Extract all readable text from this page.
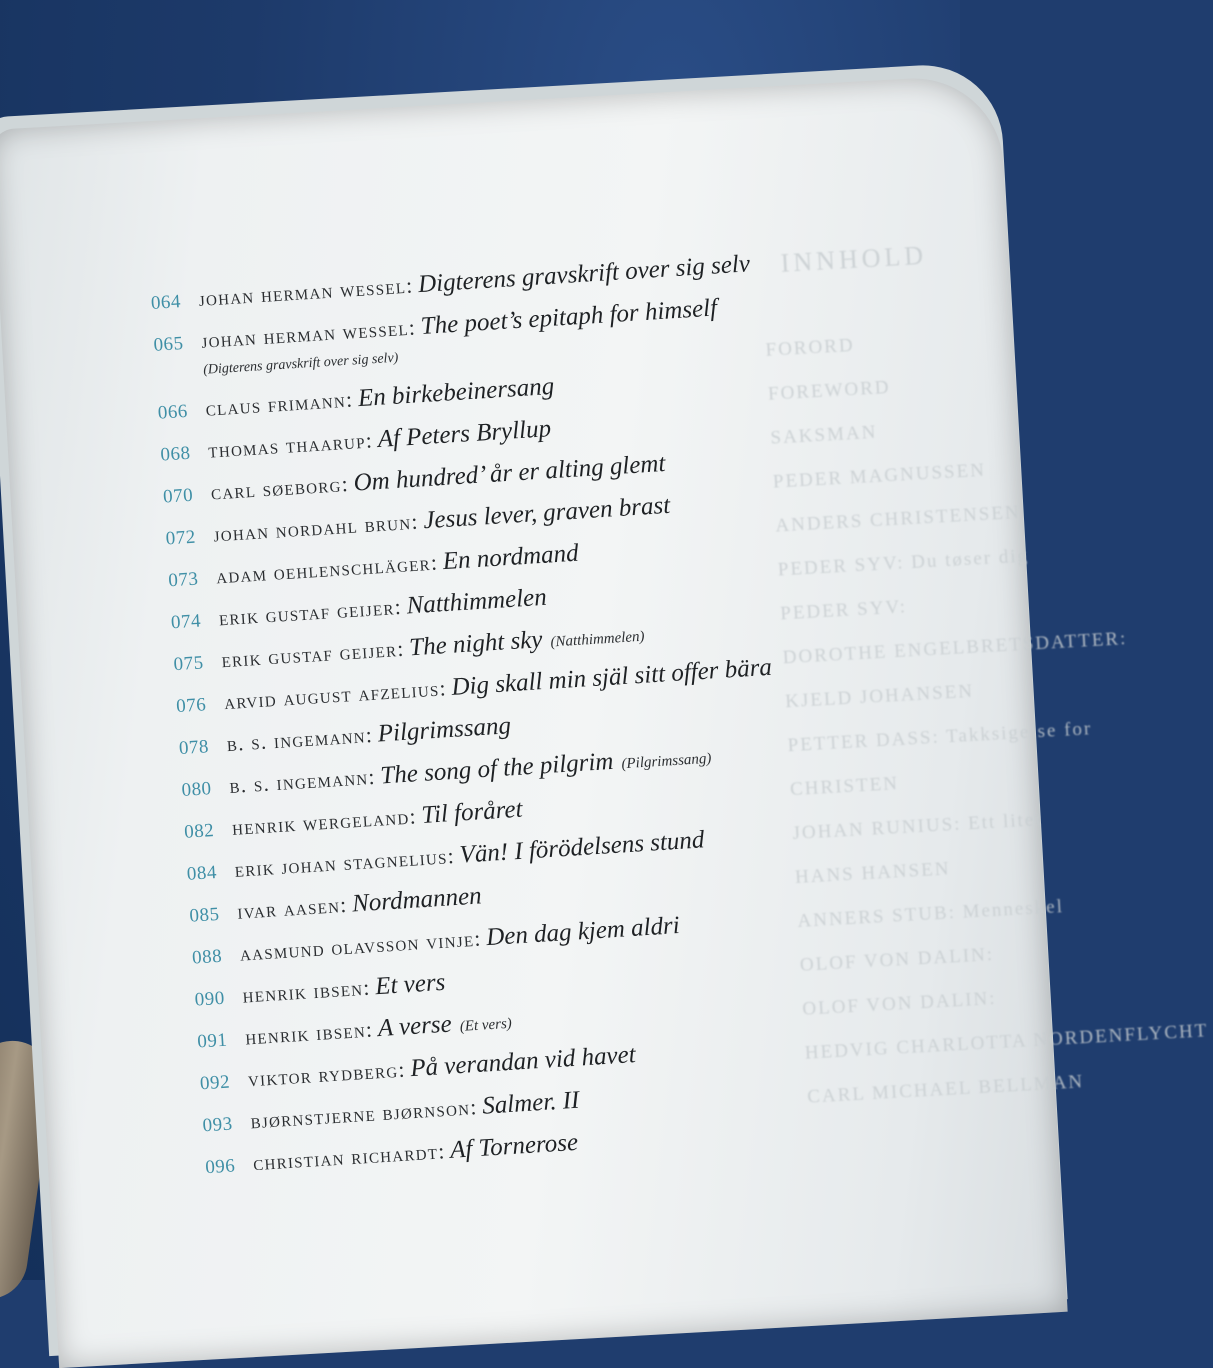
INNHOLD
FORORD
FOREWORD
SAKSMAN
PEDER MAGNUSSEN
ANDERS CHRISTENSEN
PEDER SYV: Du tøser dig
PEDER SYV:
DOROTHE ENGELBRETSDATTER:
KJELD JOHANSEN
PETTER DASS: Takksigelse for
CHRISTEN
JOHAN RUNIUS: Ett litet
HANS HANSEN
ANNERS STUB: Menneskel
OLOF VON DALIN:
OLOF VON DALIN:
HEDVIG CHARLOTTA NORDENFLYCHT
CARL MICHAEL BELLMAN
064 johan herman wessel
: Digterens gravskrift over sig selv
065 johan herman wessel
: The poet’s epitaph for himself
(Digterens gravskrift over sig selv)
066 claus frimann
: En birkebeinersang
068 thomas thaarup
: Af Peters Bryllup
070 carl søeborg
: Om hundred’ år er alting glemt
072 johan nordahl brun
: Jesus lever, graven brast
073 adam oehlenschläger
: En nordmand
074 erik gustaf geijer
: Natthimmelen
075 erik gustaf geijer
: The night sky (Natthimmelen)
076 arvid august afzelius
: Dig skall min själ sitt offer bära
078 b. s. ingemann
: Pilgrimssang
080 b. s. ingemann
: The song of the pilgrim (Pilgrimssang)
082 henrik wergeland
: Til foråret
084 erik johan stagnelius
: Vän! I förödelsens stund
085 ivar aasen
: Nordmannen
088 aasmund olavsson vinje
: Den dag kjem aldri
090 henrik ibsen
: Et vers
091 henrik ibsen
: A verse (Et vers)
092 viktor rydberg
: På verandan vid havet
093 bjørnstjerne bjørnson
: Salmer. II
096 christian richardt
: Af Tornerose
